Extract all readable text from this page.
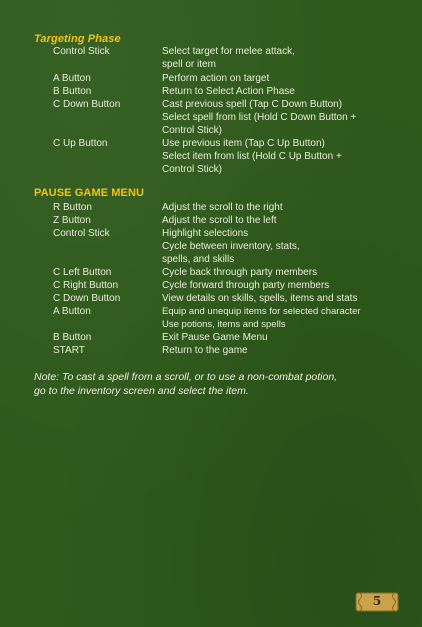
Targeting Phase
Control Stick	Select target for melee attack,
spell or item
A Button	Perform action on target
B Button	Return to Select Action Phase
C Down Button	Cast previous spell (Tap C Down Button)
Select spell from list (Hold C Down Button +
Control Stick)
C Up Button	Use previous item (Tap C Up Button)
Select item from list (Hold C Up Button +
Control Stick)
PAUSE GAME MENU
R Button	Adjust the scroll to the right
Z Button	Adjust the scroll to the left
Control Stick	Highlight selections
Cycle between inventory, stats,
spells, and skills
C Left Button	Cycle back through party members
C Right Button	Cycle forward through party members
C Down Button	View details on skills, spells, items and stats
A Button	Equip and unequip items for selected character
Use potions, items and spells
B Button	Exit Pause Game Menu
START	Return to the game
Note: To cast a spell from a scroll, or to use a non-combat potion,
go to the inventory screen and select the item.
5
